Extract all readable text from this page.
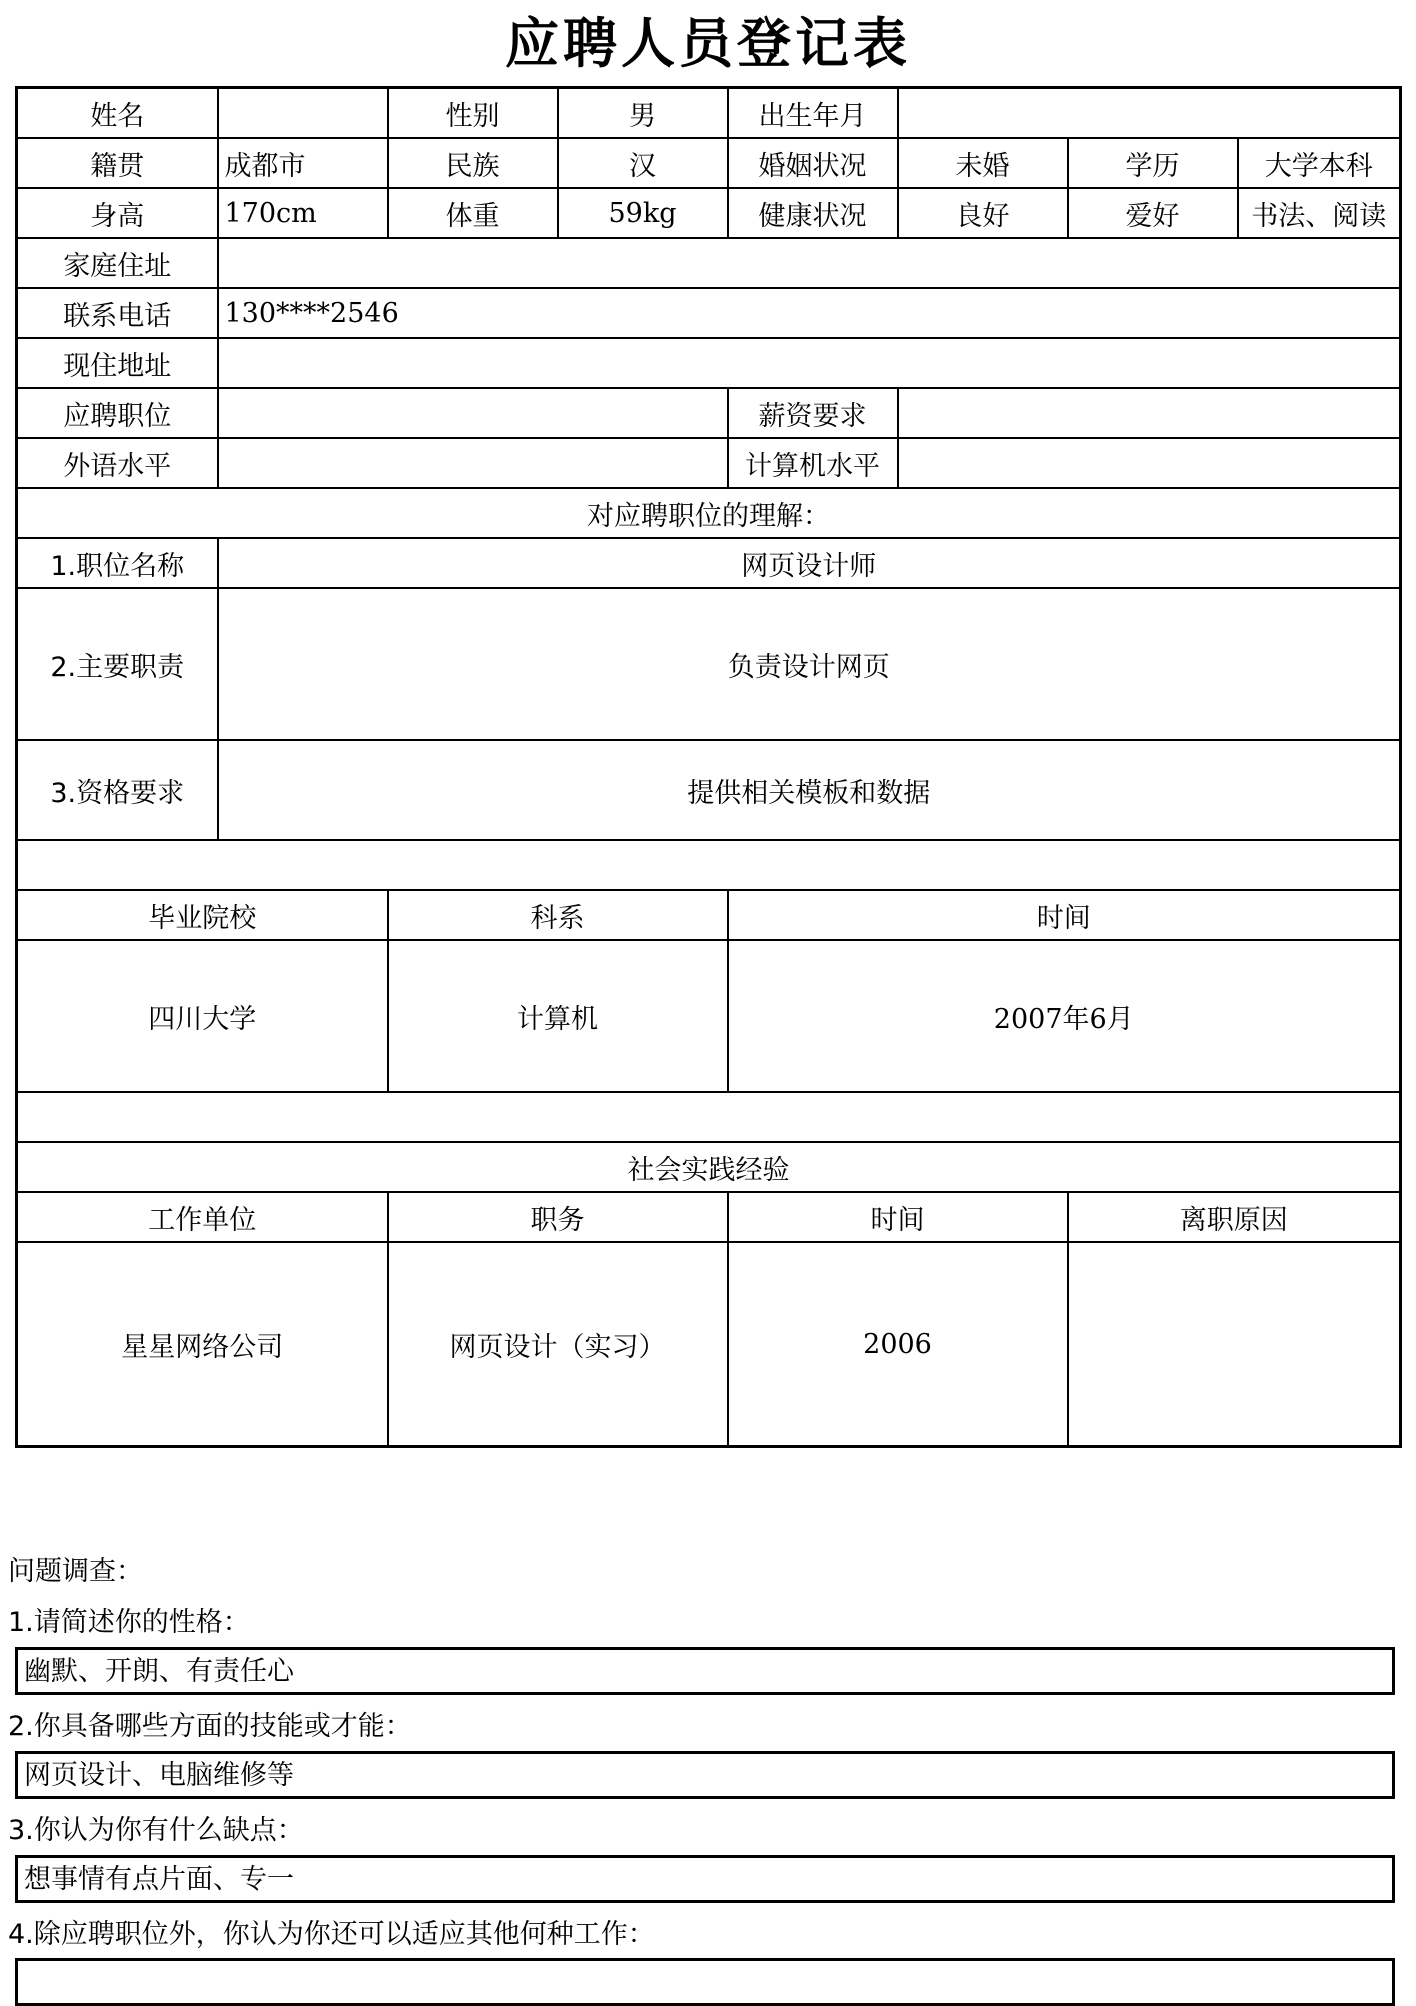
应聘人员登记表
姓名		性别	男	出生年月			
籍贯	成都市	民族	汉	婚姻状况	未婚	学历	大学本科
身高	170cm	体重	59kg	健康状况	良好	爱好	书法、阅读
家庭住址							
联系电话	130****2546						
现住地址							
应聘职位				薪资要求			
外语水平				计算机水平			
对应聘职位的理解：							
1.职位名称	网页设计师						
2.主要职责	负责设计网页						
3.资格要求	提供相关模板和数据						

毕业院校		科系		时间			
四川大学		计算机		2007年6月			

社会实践经验							
工作单位		职务		时间		离职原因	
星星网络公司		网页设计（实习）		2006			
问题调查：
1.请简述你的性格：
幽默、开朗、有责任心
2.你具备哪些方面的技能或才能：
网页设计、电脑维修等
3.你认为你有什么缺点：
想事情有点片面、专一
4.除应聘职位外，你认为你还可以适应其他何种工作：
